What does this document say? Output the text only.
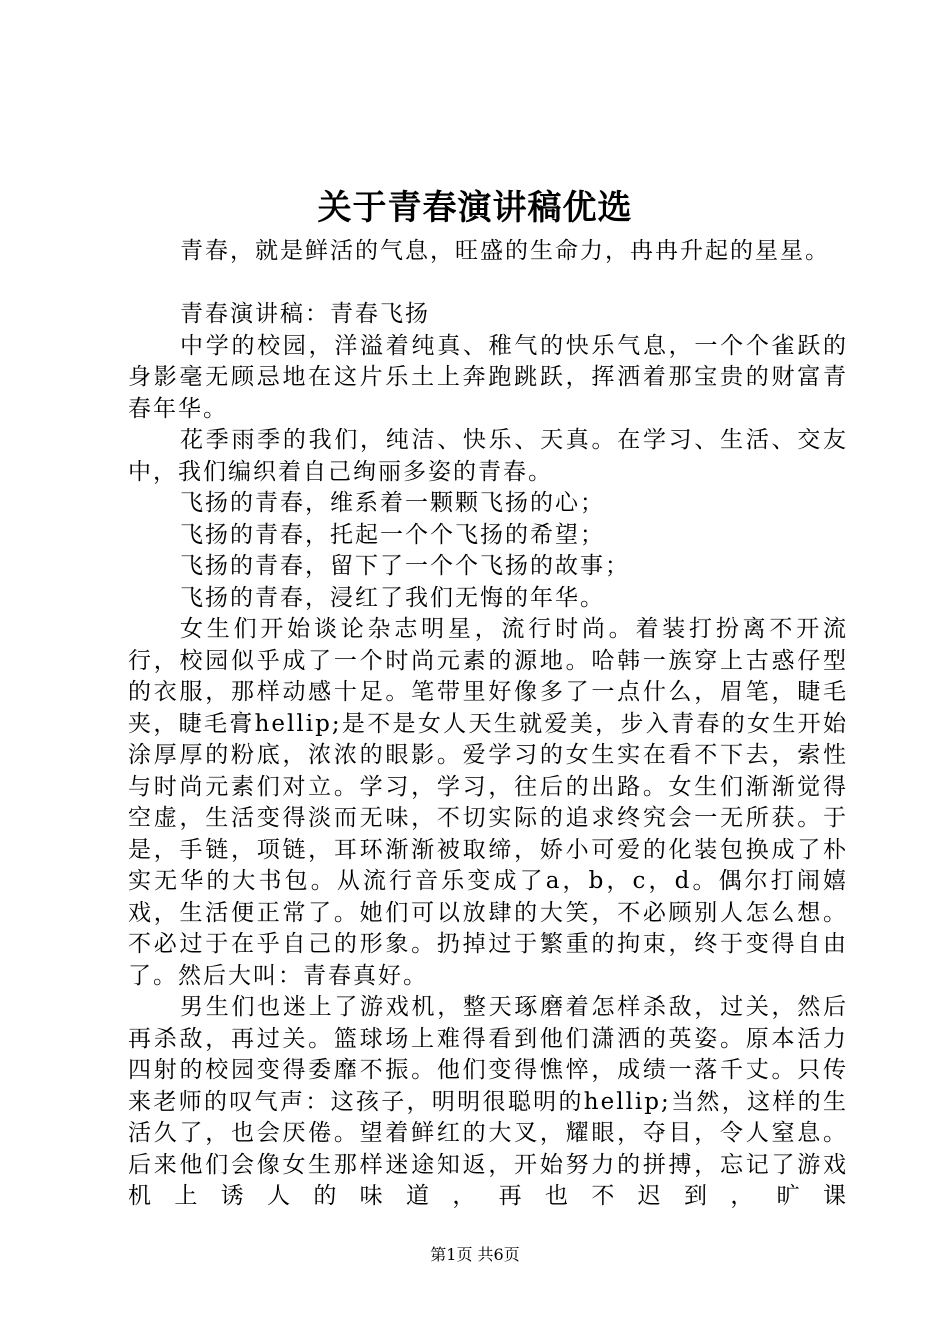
关于青春演讲稿优选

青春，就是鲜活的气息，旺盛的生命力，冉冉升起的星星。

青春演讲稿：青春飞扬

中学的校园，洋溢着纯真、稚气的快乐气息，一个个雀跃的身影毫无顾忌地在这片乐土上奔跑跳跃，挥洒着那宝贵的财富青春年华。

花季雨季的我们，纯洁、快乐、天真。在学习、生活、交友中，我们编织着自己绚丽多姿的青春。

飞扬的青春，维系着一颗颗飞扬的心；

飞扬的青春，托起一个个飞扬的希望；

飞扬的青春，留下了一个个飞扬的故事；

飞扬的青春，浸红了我们无悔的年华。

女生们开始谈论杂志明星，流行时尚。着装打扮离不开流行，校园似乎成了一个时尚元素的源地。哈韩一族穿上古惑仔型的衣服，那样动感十足。笔带里好像多了一点什么，眉笔，睫毛夹，睫毛膏hellip;是不是女人天生就爱美，步入青春的女生开始涂厚厚的粉底，浓浓的眼影。爱学习的女生实在看不下去，索性与时尚元素们对立。学习，学习，往后的出路。女生们渐渐觉得空虚，生活变得淡而无味，不切实际的追求终究会一无所获。于是，手链，项链，耳环渐渐被取缔，娇小可爱的化装包换成了朴实无华的大书包。从流行音乐变成了a，b，c，d。偶尔打闹嬉戏，生活便正常了。她们可以放肆的大笑，不必顾别人怎么想。不必过于在乎自己的形象。扔掉过于繁重的拘束，终于变得自由了。然后大叫：青春真好。

男生们也迷上了游戏机，整天琢磨着怎样杀敌，过关，然后再杀敌，再过关。篮球场上难得看到他们潇洒的英姿。原本活力四射的校园变得委靡不振。他们变得憔悴，成绩一落千丈。只传来老师的叹气声：这孩子，明明很聪明的hellip;当然，这样的生活久了，也会厌倦。望着鲜红的大叉，耀眼，夺目，令人窒息。后来他们会像女生那样迷途知返，开始努力的拼搏，忘记了游戏机上诱人的味道，再也不迟到，旷课

第1页 共6页
